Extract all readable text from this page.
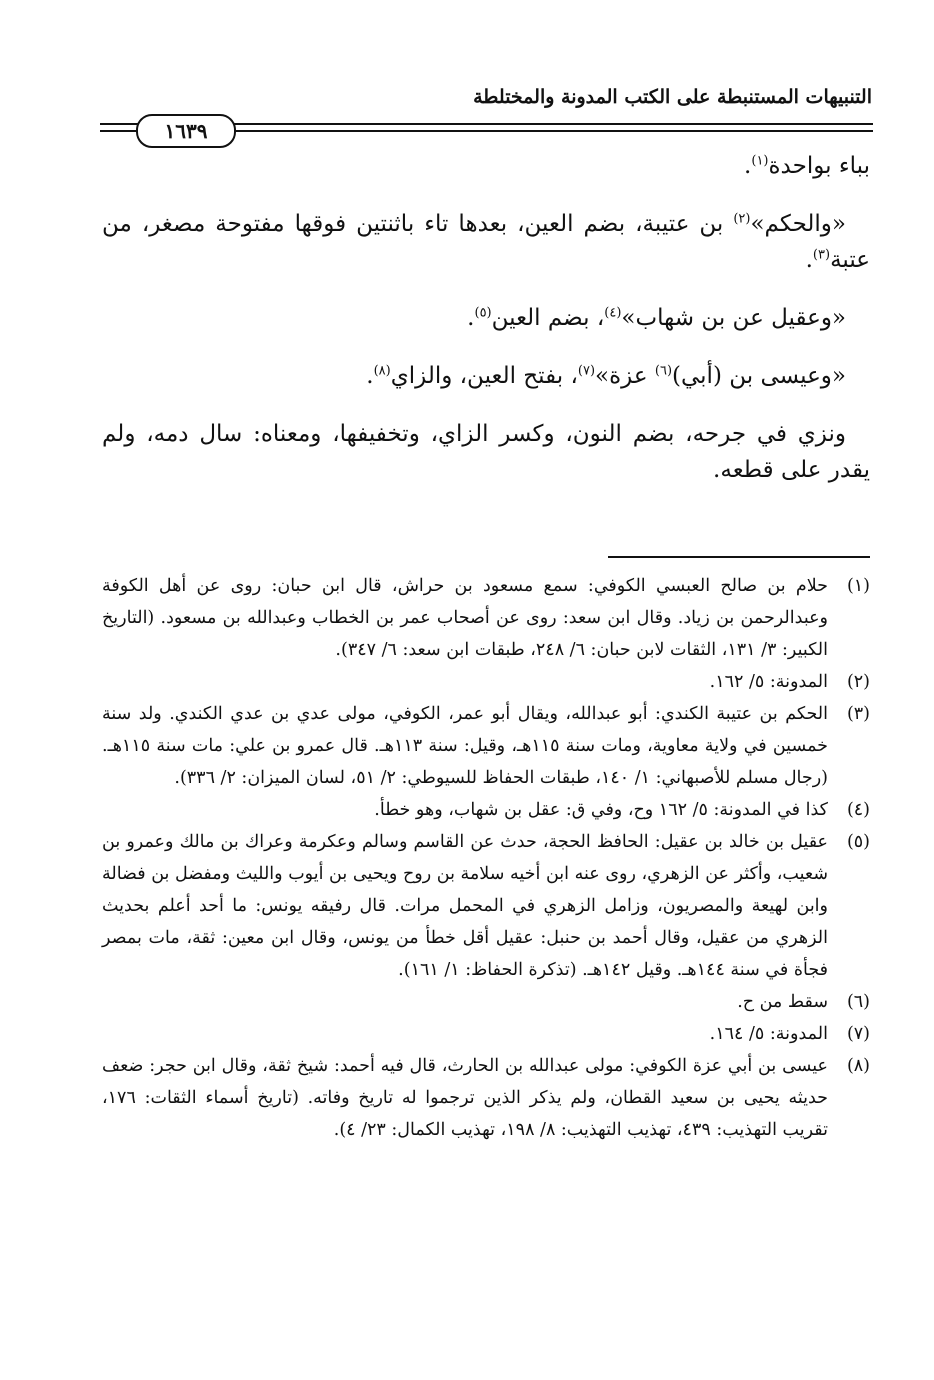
التنبيهات المستنبطة على الكتب المدونة والمختلطة
١٦٣٩

بباء بواحدة$^{(١)}$.

«والحكم»$^{(٢)}$ بن عتيبة، بضم العين، بعدها تاء باثنتين فوقها مفتوحة مصغر، من عتبة$^{(٣)}$.

«وعقيل عن بن شهاب»$^{(٤)}$، بضم العين$^{(٥)}$.

«وعيسى بن (أبي)$^{(٦)}$ عزة»$^{(٧)}$، بفتح العين، والزاي$^{(٨)}$.

ونزي في جرحه، بضم النون، وكسر الزاي، وتخفيفها، ومعناه: سال دمه، ولم يقدر على قطعه.

(١)
حلام بن صالح العبسي الكوفي: سمع مسعود بن حراش، قال ابن حبان: روى عن أهل الكوفة وعبدالرحمن بن زياد. وقال ابن سعد: روى عن أصحاب عمر بن الخطاب وعبدالله بن مسعود. (التاريخ الكبير: ٣/ ١٣١، الثقات لابن حبان: ٦/ ٢٤٨، طبقات ابن سعد: ٦/ ٣٤٧).
(٢)
المدونة: ٥/ ١٦٢.
(٣)
الحكم بن عتيبة الكندي: أبو عبدالله، ويقال أبو عمر، الكوفي، مولى عدي بن عدي الكندي. ولد سنة خمسين في ولاية معاوية، ومات سنة ١١٥هـ، وقيل: سنة ١١٣هـ. قال عمرو بن علي: مات سنة ١١٥هـ. (رجال مسلم للأصبهاني: ١/ ١٤٠، طبقات الحفاظ للسيوطي: ٢/ ٥١، لسان الميزان: ٢/ ٣٣٦).
(٤)
كذا في المدونة: ٥/ ١٦٢ وح، وفي ق: عقل بن شهاب، وهو خطأ.
(٥)
عقيل بن خالد بن عقيل: الحافظ الحجة، حدث عن القاسم وسالم وعكرمة وعراك بن مالك وعمرو بن شعيب، وأكثر عن الزهري، روى عنه ابن أخيه سلامة بن روح ويحيى بن أيوب والليث ومفضل بن فضالة وابن لهيعة والمصريون، وزامل الزهري في المحمل مرات. قال رفيقه يونس: ما أحد أعلم بحديث الزهري من عقيل، وقال أحمد بن حنبل: عقيل أقل خطأ من يونس، وقال ابن معين: ثقة، مات بمصر فجأة في سنة ١٤٤هـ. وقيل ١٤٢هـ. (تذكرة الحفاظ: ١/ ١٦١).
(٦)
سقط من ح.
(٧)
المدونة: ٥/ ١٦٤.
(٨)
عيسى بن أبي عزة الكوفي: مولى عبدالله بن الحارث، قال فيه أحمد: شيخ ثقة، وقال ابن حجر: ضعف حديثه يحيى بن سعيد القطان، ولم يذكر الذين ترجموا له تاريخ وفاته. (تاريخ أسماء الثقات: ١٧٦، تقريب التهذيب: ٤٣٩، تهذيب التهذيب: ٨/ ١٩٨، تهذيب الكمال: ٢٣/ ٤).
